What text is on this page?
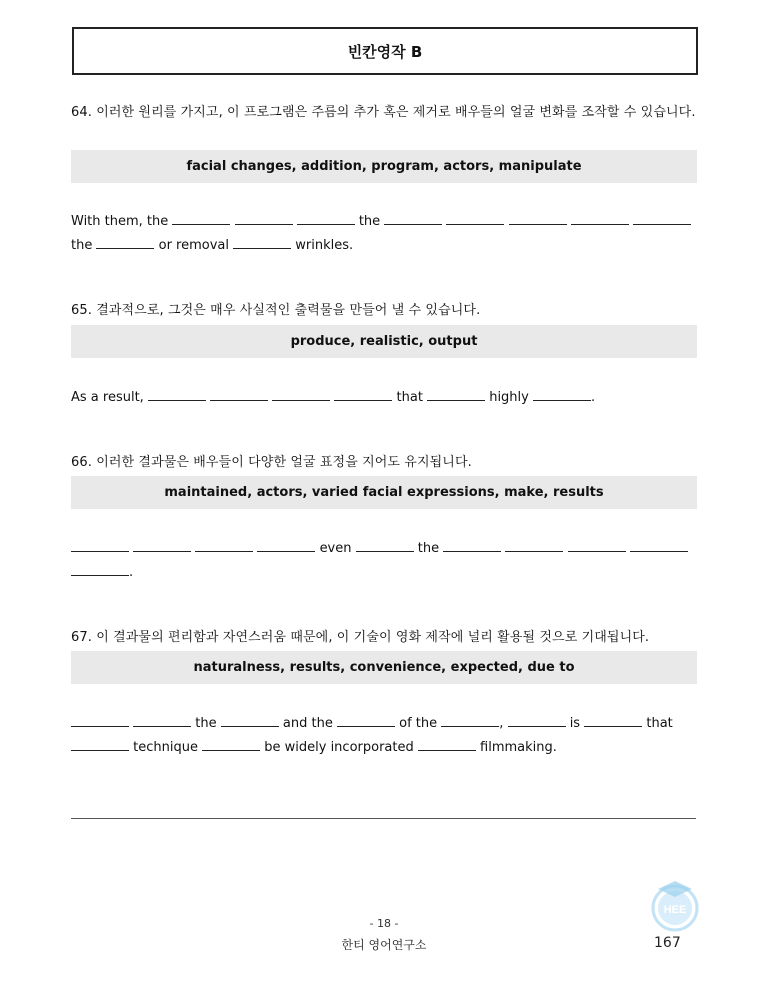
빈칸영작 B
64. 이러한 원리를 가지고, 이 프로그램은 주름의 추가 혹은 제거로 배우들의 얼굴 변화를 조작할 수 있습니다.
facial changes, addition, program, actors, manipulate
With them, the	the
the	or removal	wrinkles.
65. 결과적으로, 그것은 매우 사실적인 출력물을 만들어 낼 수 있습니다.
produce, realistic, output
As a result,	that	highly	.
66. 이러한 결과물은 배우들이 다양한 얼굴 표정을 지어도 유지됩니다.
maintained, actors, varied facial expressions, make, results
even	the
.
67. 이 결과물의 편리함과 자연스러움 때문에, 이 기술이 영화 제작에 널리 활용될 것으로 기대됩니다.
naturalness, results, convenience, expected, due to
the	and the	of the	,	is	that
technique	be widely incorporated	filmmaking.
HEE
- 18 -
한티 영어연구소	167
